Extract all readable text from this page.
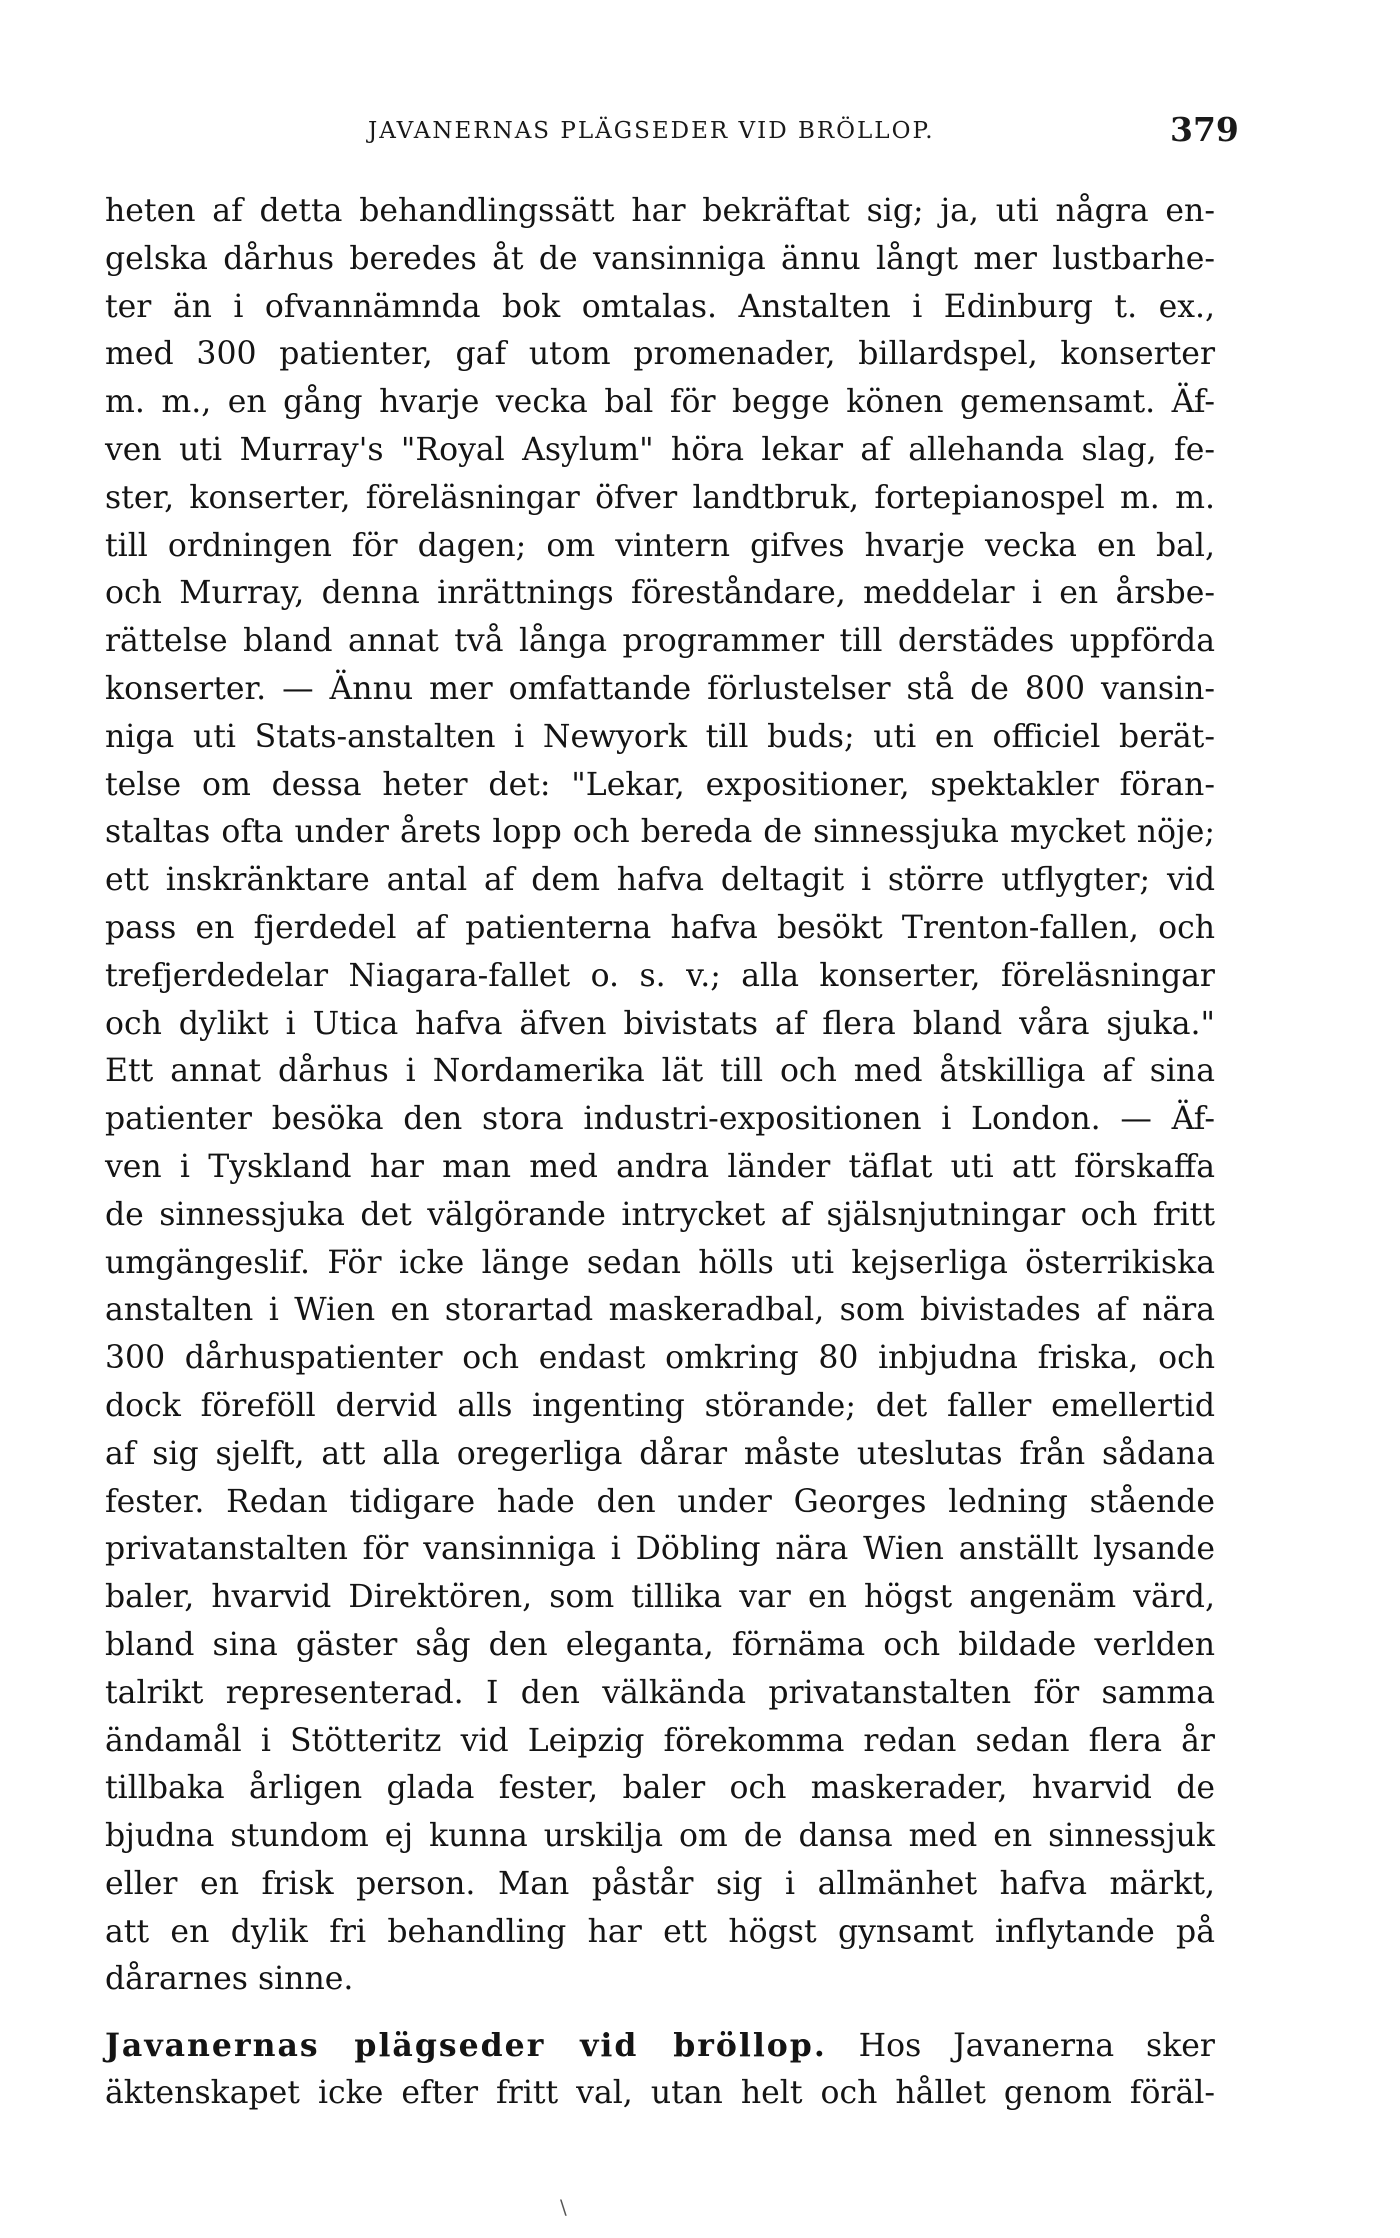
JAVANERNAS PLÄGSEDER VID BRÖLLOP.	379
heten af detta behandlingssätt har bekräftat sig; ja, uti några en-
gelska dårhus beredes åt de vansinniga ännu långt mer lustbarhe-
ter än i ofvannämnda bok omtalas. Anstalten i Edinburg t. ex.,
med 300 patienter, gaf utom promenader, billardspel, konserter
m. m., en gång hvarje vecka bal för begge könen gemensamt. Äf-
ven uti Murray's "Royal Asylum" höra lekar af allehanda slag, fe-
ster, konserter, föreläsningar öfver landtbruk, fortepianospel m. m.
till ordningen för dagen; om vintern gifves hvarje vecka en bal,
och Murray, denna inrättnings föreståndare, meddelar i en årsbe-
rättelse bland annat två långa programmer till derstädes uppförda
konserter. — Ännu mer omfattande förlustelser stå de 800 vansin-
niga uti Stats-anstalten i Newyork till buds; uti en officiel berät-
telse om dessa heter det: "Lekar, expositioner, spektakler föran-
staltas ofta under årets lopp och bereda de sinnessjuka mycket nöje;
ett inskränktare antal af dem hafva deltagit i större utflygter; vid
pass en fjerdedel af patienterna hafva besökt Trenton-fallen, och
trefjerdedelar Niagara-fallet o. s. v.; alla konserter, föreläsningar
och dylikt i Utica hafva äfven bivistats af flera bland våra sjuka."
Ett annat dårhus i Nordamerika lät till och med åtskilliga af sina
patienter besöka den stora industri-expositionen i London. — Äf-
ven i Tyskland har man med andra länder täflat uti att förskaffa
de sinnessjuka det välgörande intrycket af själsnjutningar och fritt
umgängeslif. För icke länge sedan hölls uti kejserliga österrikiska
anstalten i Wien en storartad maskeradbal, som bivistades af nära
300 dårhuspatienter och endast omkring 80 inbjudna friska, och
dock föreföll dervid alls ingenting störande; det faller emellertid
af sig sjelft, att alla oregerliga dårar måste uteslutas från sådana
fester. Redan tidigare hade den under Georges ledning stående
privatanstalten för vansinniga i Döbling nära Wien anställt lysande
baler, hvarvid Direktören, som tillika var en högst angenäm värd,
bland sina gäster såg den eleganta, förnäma och bildade verlden
talrikt representerad. I den välkända privatanstalten för samma
ändamål i Stötteritz vid Leipzig förekomma redan sedan flera år
tillbaka årligen glada fester, baler och maskerader, hvarvid de
bjudna stundom ej kunna urskilja om de dansa med en sinnessjuk
eller en frisk person. Man påstår sig i allmänhet hafva märkt,
att en dylik fri behandling har ett högst gynsamt inflytande på
dårarnes sinne.
Javanernas plägseder vid bröllop. Hos Javanerna sker
äktenskapet icke efter fritt val, utan helt och hållet genom föräl-
\
